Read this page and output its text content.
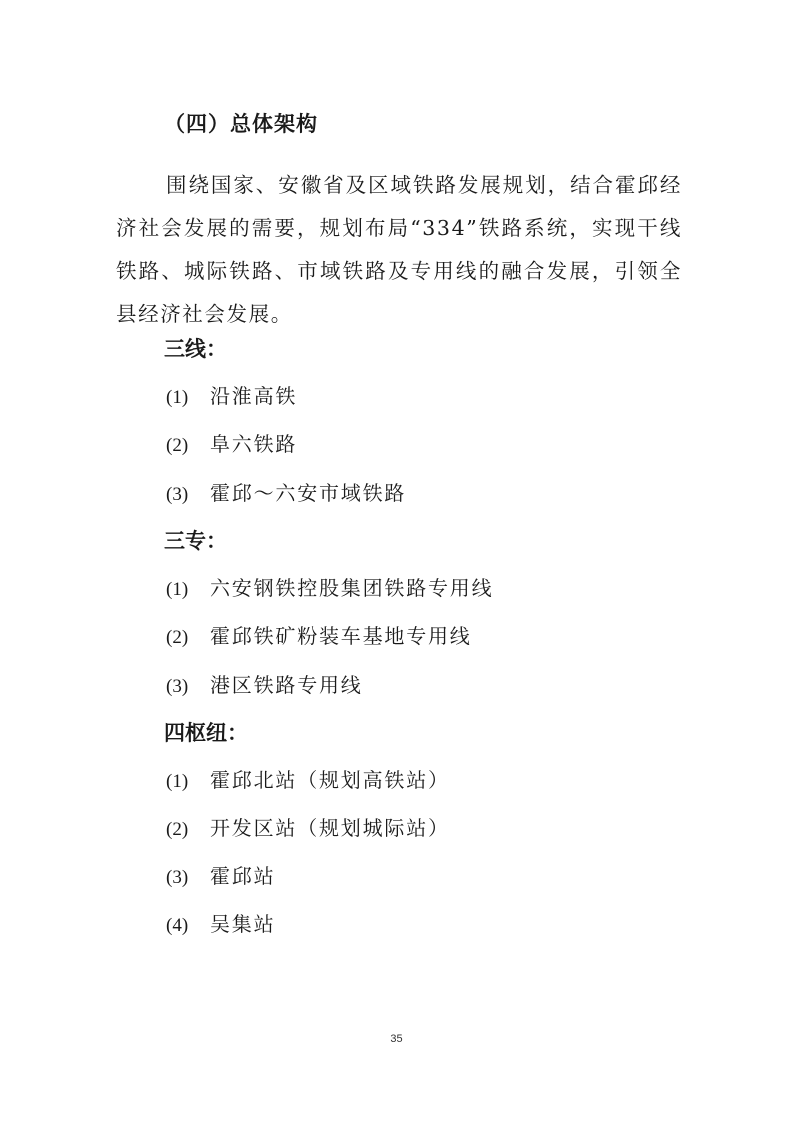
（四）总体架构

围绕国家、安徽省及区域铁路发展规划，结合霍邱经济社会发展的需要，规划布局“334”铁路系统，实现干线铁路、城际铁路、市域铁路及专用线的融合发展，引领全县经济社会发展。

三线：

(1) 沿淮高铁

(2) 阜六铁路

(3) 霍邱～六安市域铁路

三专：

(1) 六安钢铁控股集团铁路专用线

(2) 霍邱铁矿粉装车基地专用线

(3) 港区铁路专用线

四枢纽：

(1) 霍邱北站（规划高铁站）

(2) 开发区站（规划城际站）

(3) 霍邱站

(4) 吴集站

35
